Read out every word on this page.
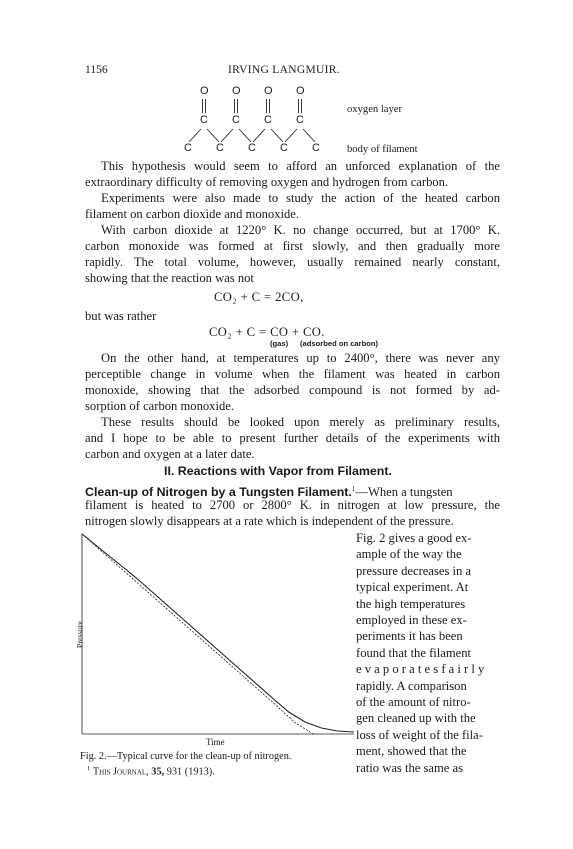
1156	IRVING LANGMUIR.
O O O O
C C C C
C C C C C
oxygen layer
body of filament
This hypothesis would seem to afford an unforced explanation of the
extraordinary difficulty of removing oxygen and hydrogen from carbon.
Experiments were also made to study the action of the heated carbon
filament on carbon dioxide and monoxide.
With carbon dioxide at 1220° K. no change occurred, but at 1700° K.
carbon monoxide was formed at first slowly, and then gradually more
rapidly. The total volume, however, usually remained nearly constant,
showing that the reaction was not
CO₂ + C = 2CO,
but was rather
CO₂ + C = CO + CO.
(gas) (adsorbed on carbon)
On the other hand, at temperatures up to 2400°, there was never any
perceptible change in volume when the filament was heated in carbon
monoxide, showing that the adsorbed compound is not formed by ad-
sorption of carbon monoxide.
These results should be looked upon merely as preliminary results,
and I hope to be able to present further details of the experiments with
carbon and oxygen at a later date.
II. Reactions with Vapor from Filament.
Clean-up of Nitrogen by a Tungsten Filament.$^1$—When a tungsten
filament is heated to 2700 or 2800° K. in nitrogen at low pressure, the
nitrogen slowly disappears at a rate which is independent of the pressure.
Fig. 2 gives a good ex-
ample of the way the
pressure decreases in a
typical experiment. At
the high temperatures
employed in these ex-
periments it has been
found that the filament
e v a p o r a t e s f a i r l y
rapidly. A comparison
of the amount of nitro-
gen cleaned up with the
loss of weight of the fila-
ment, showed that the
ratio was the same as
Pressure
Time
Fig. 2.—Typical curve for the clean-up of nitrogen.
$^1$ This Journal, 35, 931 (1913).
